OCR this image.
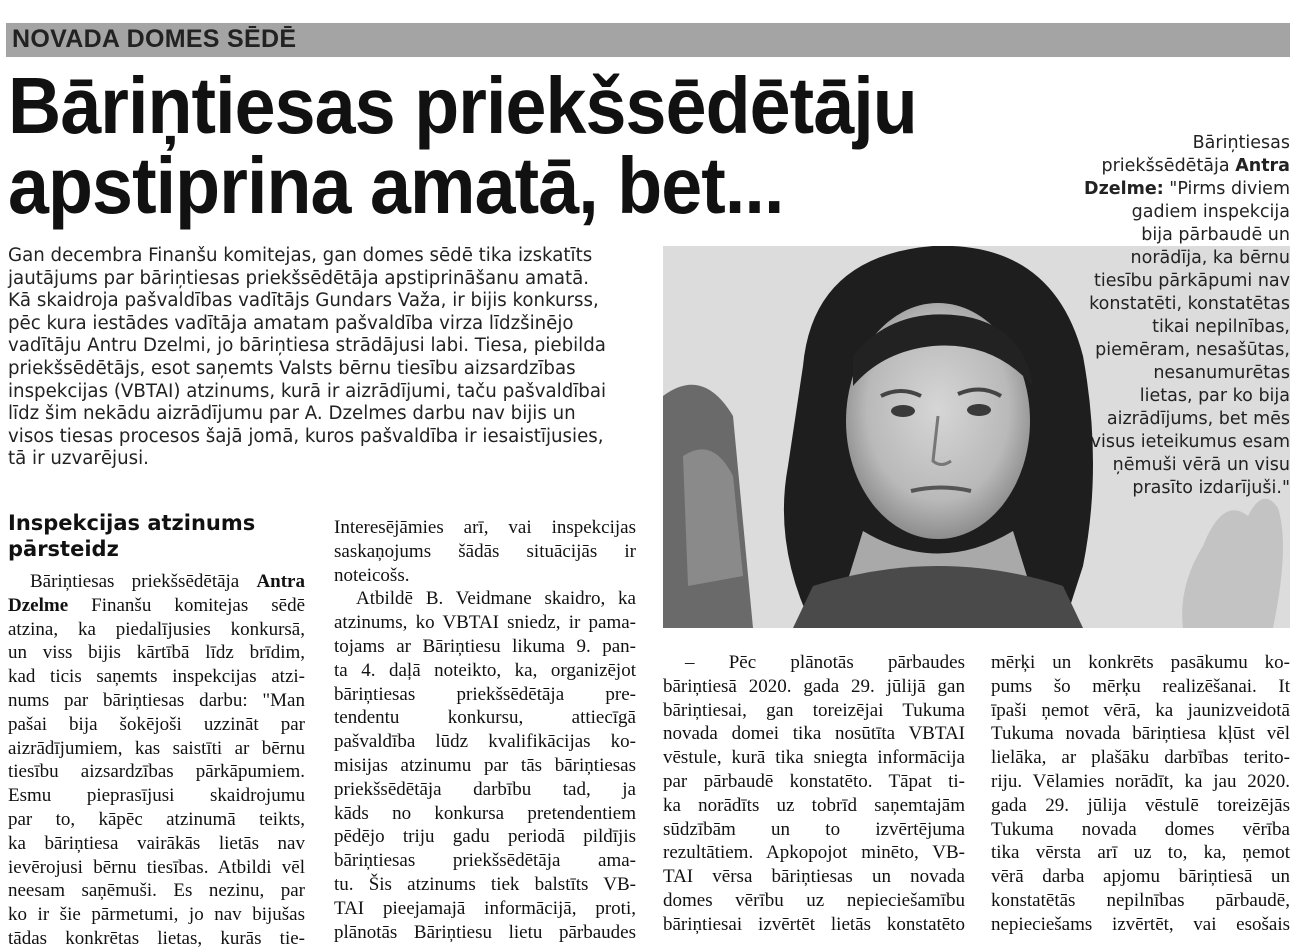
NOVADA DOMES SĒDĒ
Bāriņtiesas priekšsēdētāju
apstiprina amatā, bet...
Gan decembra Finanšu komitejas, gan domes sēdē tika izskatīts
jautājums par bāriņtiesas priekšsēdētāja apstiprināšanu amatā.
Kā skaidroja pašvaldības vadītājs Gundars Važa, ir bijis konkurss,
pēc kura iestādes vadītāja amatam pašvaldība virza līdzšinējo
vadītāju Antru Dzelmi, jo bāriņtiesa strādājusi labi. Tiesa, piebilda
priekšsēdētājs, esot saņemts Valsts bērnu tiesību aizsardzības
inspekcijas (VBTAI) atzinums, kurā ir aizrādījumi, taču pašvaldībai
līdz šim nekādu aizrādījumu par A. Dzelmes darbu nav bijis un
visos tiesas procesos šajā jomā, kuros pašvaldība ir iesaistījusies,
tā ir uzvarējusi.
Bāriņtiesas
priekšsēdētāja Antra
Dzelme: "Pirms diviem
gadiem inspekcija
bija pārbaudē un
norādīja, ka bērnu
tiesību pārkāpumi nav
konstatēti, konstatētas
tikai nepilnības,
piemēram, nesašūtas,
nesanumurētas
lietas, par ko bija
aizrādījums, bet mēs
visus ieteikumus esam
ņēmuši vērā un visu
prasīto izdarījuši."
Inspekcijas atzinums
pārsteidz
Bāriņtiesas priekšsēdētāja Antra
Dzelme Finanšu komitejas sēdē
atzina, ka piedalījusies konkursā,
un viss bijis kārtībā līdz brīdim,
kad ticis saņemts inspekcijas atzi-
nums par bāriņtiesas darbu: "Man
pašai bija šokējoši uzzināt par
aizrādījumiem, kas saistīti ar bērnu
tiesību aizsardzības pārkāpumiem.
Esmu pieprasījusi skaidrojumu
par to, kāpēc atzinumā teikts,
ka bāriņtiesa vairākās lietās nav
ievērojusi bērnu tiesības. Atbildi vēl
neesam saņēmuši. Es nezinu, par
ko ir šie pārmetumi, jo nav bijušas
tādas konkrētas lietas, kurās tie-
Interesējāmies arī, vai inspekcijas
saskaņojums šādās situācijās ir
noteicošs.
Atbildē B. Veidmane skaidro, ka
atzinums, ko VBTAI sniedz, ir pama-
tojams ar Bāriņtiesu likuma 9. pan-
ta 4. daļā noteikto, ka, organizējot
bāriņtiesas priekšsēdētāja pre-
tendentu konkursu, attiecīgā
pašvaldība lūdz kvalifikācijas ko-
misijas atzinumu par tās bāriņtiesas
priekšsēdētāja darbību tad, ja
kāds no konkursa pretendentiem
pēdējo triju gadu periodā pildījis
bāriņtiesas priekšsēdētāja ama-
tu. Šis atzinums tiek balstīts VB-
TAI pieejamajā informācijā, proti,
plānotās Bāriņtiesu lietu pārbaudes
– Pēc plānotās pārbaudes
bāriņtiesā 2020. gada 29. jūlijā gan
bāriņtiesai, gan toreizējai Tukuma
novada domei tika nosūtīta VBTAI
vēstule, kurā tika sniegta informācija
par pārbaudē konstatēto. Tāpat ti-
ka norādīts uz tobrīd saņemtajām
sūdzībām un to izvērtējuma
rezultātiem. Apkopojot minēto, VB-
TAI vērsa bāriņtiesas un novada
domes vērību uz nepieciešamību
bāriņtiesai izvērtēt lietās konstatēto
mērķi un konkrēts pasākumu ko-
pums šo mērķu realizēšanai. It
īpaši ņemot vērā, ka jaunizveidotā
Tukuma novada bāriņtiesa kļūst vēl
lielāka, ar plašāku darbības terito-
riju. Vēlamies norādīt, ka jau 2020.
gada 29. jūlija vēstulē toreizējās
Tukuma novada domes vērība
tika vērsta arī uz to, ka, ņemot
vērā darba apjomu bāriņtiesā un
konstatētās nepilnības pārbaudē,
nepieciešams izvērtēt, vai esošais
